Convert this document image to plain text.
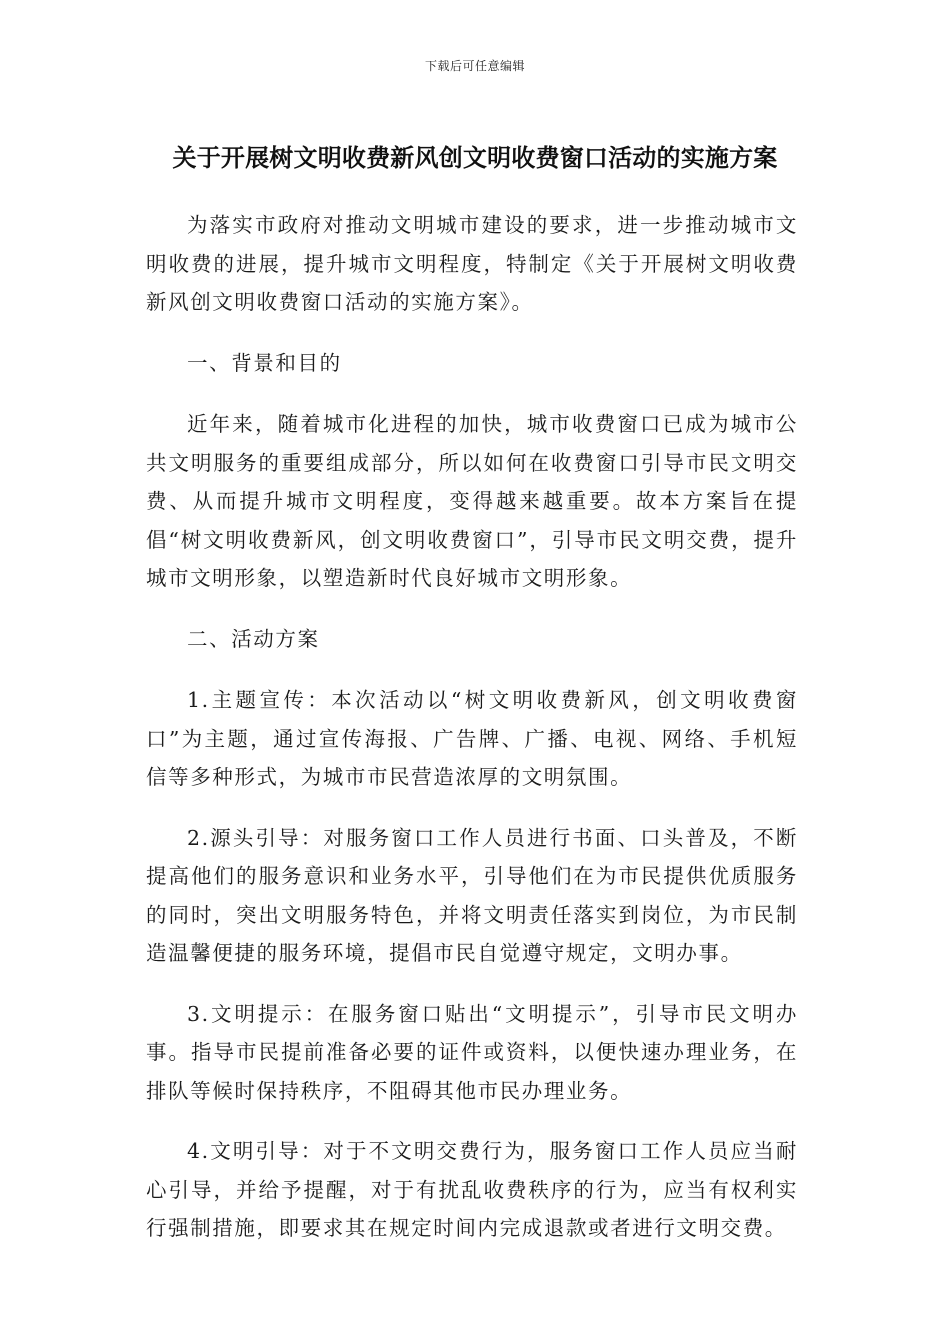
下载后可任意编辑
关于开展树文明收费新风创文明收费窗口活动的实施方案

为落实市政府对推动文明城市建设的要求，进一步推动城市文明收费的进展，提升城市文明程度，特制定《关于开展树文明收费新风创文明收费窗口活动的实施方案》。

一、背景和目的

近年来，随着城市化进程的加快，城市收费窗口已成为城市公共文明服务的重要组成部分，所以如何在收费窗口引导市民文明交费、从而提升城市文明程度，变得越来越重要。故本方案旨在提倡“树文明收费新风，创文明收费窗口”，引导市民文明交费，提升城市文明形象，以塑造新时代良好城市文明形象。

二、活动方案

1.主题宣传：本次活动以“树文明收费新风，创文明收费窗口”为主题，通过宣传海报、广告牌、广播、电视、网络、手机短信等多种形式，为城市市民营造浓厚的文明氛围。

2.源头引导：对服务窗口工作人员进行书面、口头普及，不断提高他们的服务意识和业务水平，引导他们在为市民提供优质服务的同时，突出文明服务特色，并将文明责任落实到岗位，为市民制造温馨便捷的服务环境，提倡市民自觉遵守规定，文明办事。

3.文明提示：在服务窗口贴出“文明提示”，引导市民文明办事。指导市民提前准备必要的证件或资料，以便快速办理业务，在排队等候时保持秩序，不阻碍其他市民办理业务。

4.文明引导：对于不文明交费行为，服务窗口工作人员应当耐心引导，并给予提醒，对于有扰乱收费秩序的行为，应当有权利实行强制措施，即要求其在规定时间内完成退款或者进行文明交费。
